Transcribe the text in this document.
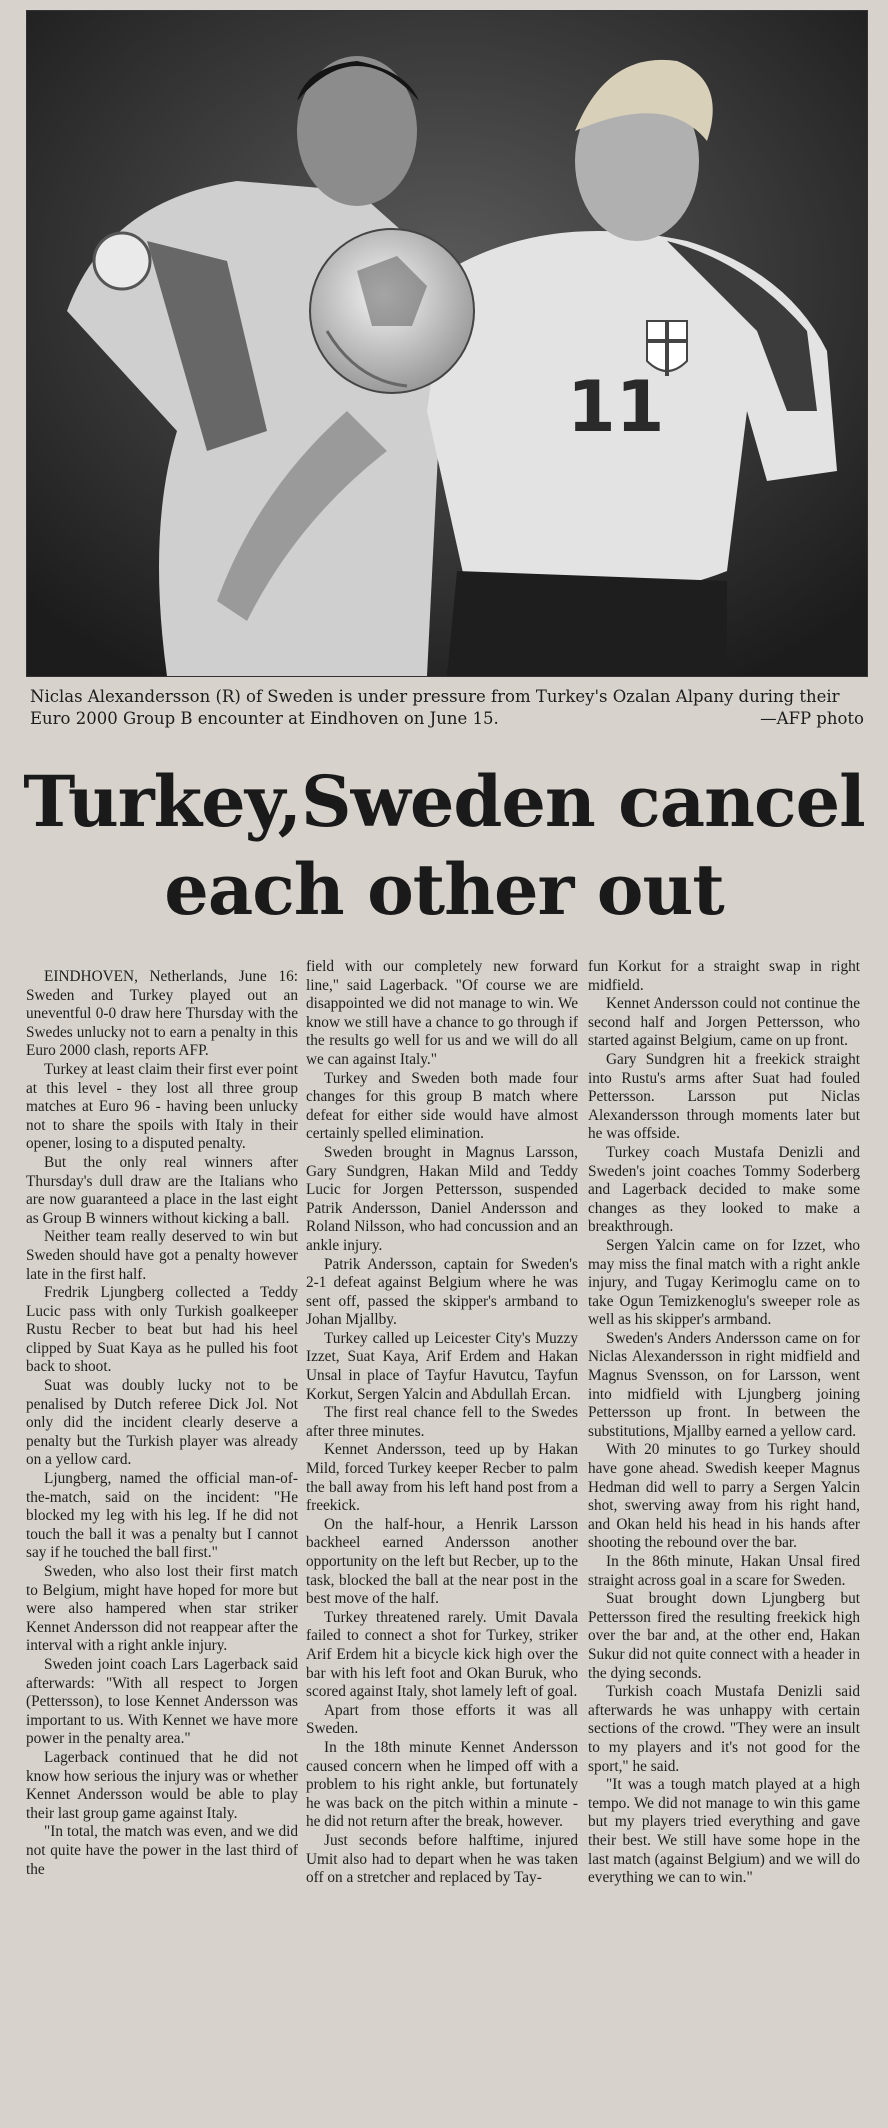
11
Niclas Alexandersson (R) of Sweden is under pressure from Turkey's Ozalan Alpany during their Euro 2000 Group B encounter at Eindhoven on June 15.	—AFP photo
Turkey,Sweden cancel
each other out

EINDHOVEN, Netherlands, June 16: Sweden and Turkey played out an uneventful 0-0 draw here Thursday with the Swedes unlucky not to earn a penalty in this Euro 2000 clash, reports AFP.

Turkey at least claim their first ever point at this level - they lost all three group matches at Euro 96 - having been unlucky not to share the spoils with Italy in their opener, losing to a disputed penalty.

But the only real winners after Thursday's dull draw are the Italians who are now guaranteed a place in the last eight as Group B winners without kicking a ball.

Neither team really deserved to win but Sweden should have got a penalty however late in the first half.

Fredrik Ljungberg collected a Teddy Lucic pass with only Turkish goalkeeper Rustu Recber to beat but had his heel clipped by Suat Kaya as he pulled his foot back to shoot.

Suat was doubly lucky not to be penalised by Dutch referee Dick Jol. Not only did the incident clearly deserve a penalty but the Turkish player was already on a yellow card.

Ljungberg, named the official man-of-the-match, said on the incident: "He blocked my leg with his leg. If he did not touch the ball it was a penalty but I cannot say if he touched the ball first."

Sweden, who also lost their first match to Belgium, might have hoped for more but were also hampered when star striker Kennet Andersson did not reappear after the interval with a right ankle injury.

Sweden joint coach Lars Lagerback said afterwards: "With all respect to Jorgen (Pettersson), to lose Kennet Andersson was important to us. With Kennet we have more power in the penalty area."

Lagerback continued that he did not know how serious the injury was or whether Kennet Andersson would be able to play their last group game against Italy.

"In total, the match was even, and we did not quite have the power in the last third of the

field with our completely new forward line," said Lagerback. "Of course we are disappointed we did not manage to win. We know we still have a chance to go through if the results go well for us and we will do all we can against Italy."

Turkey and Sweden both made four changes for this group B match where defeat for either side would have almost certainly spelled elimination.

Sweden brought in Magnus Larsson, Gary Sundgren, Hakan Mild and Teddy Lucic for Jorgen Pettersson, suspended Patrik Andersson, Daniel Andersson and Roland Nilsson, who had concussion and an ankle injury.

Patrik Andersson, captain for Sweden's 2-1 defeat against Belgium where he was sent off, passed the skipper's armband to Johan Mjallby.

Turkey called up Leicester City's Muzzy Izzet, Suat Kaya, Arif Erdem and Hakan Unsal in place of Tayfur Havutcu, Tayfun Korkut, Sergen Yalcin and Abdullah Ercan.

The first real chance fell to the Swedes after three minutes.

Kennet Andersson, teed up by Hakan Mild, forced Turkey keeper Recber to palm the ball away from his left hand post from a freekick.

On the half-hour, a Henrik Larsson backheel earned Andersson another opportunity on the left but Recber, up to the task, blocked the ball at the near post in the best move of the half.

Turkey threatened rarely. Umit Davala failed to connect a shot for Turkey, striker Arif Erdem hit a bicycle kick high over the bar with his left foot and Okan Buruk, who scored against Italy, shot lamely left of goal.

Apart from those efforts it was all Sweden.

In the 18th minute Kennet Andersson caused concern when he limped off with a problem to his right ankle, but fortunately he was back on the pitch within a minute - he did not return after the break, however.

Just seconds before halftime, injured Umit also had to depart when he was taken off on a stretcher and replaced by Tay-

fun Korkut for a straight swap in right midfield.

Kennet Andersson could not continue the second half and Jorgen Pettersson, who started against Belgium, came on up front.

Gary Sundgren hit a freekick straight into Rustu's arms after Suat had fouled Pettersson. Larsson put Niclas Alexandersson through moments later but he was offside.

Turkey coach Mustafa Denizli and Sweden's joint coaches Tommy Soderberg and Lagerback decided to make some changes as they looked to make a breakthrough.

Sergen Yalcin came on for Izzet, who may miss the final match with a right ankle injury, and Tugay Kerimoglu came on to take Ogun Temizkenoglu's sweeper role as well as his skipper's armband.

Sweden's Anders Andersson came on for Niclas Alexandersson in right midfield and Magnus Svensson, on for Larsson, went into midfield with Ljungberg joining Pettersson up front. In between the substitutions, Mjallby earned a yellow card.

With 20 minutes to go Turkey should have gone ahead. Swedish keeper Magnus Hedman did well to parry a Sergen Yalcin shot, swerving away from his right hand, and Okan held his head in his hands after shooting the rebound over the bar.

In the 86th minute, Hakan Unsal fired straight across goal in a scare for Sweden.

Suat brought down Ljungberg but Pettersson fired the resulting freekick high over the bar and, at the other end, Hakan Sukur did not quite connect with a header in the dying seconds.

Turkish coach Mustafa Denizli said afterwards he was unhappy with certain sections of the crowd. "They were an insult to my players and it's not good for the sport," he said.

"It was a tough match played at a high tempo. We did not manage to win this game but my players tried everything and gave their best. We still have some hope in the last match (against Belgium) and we will do everything we can to win."
